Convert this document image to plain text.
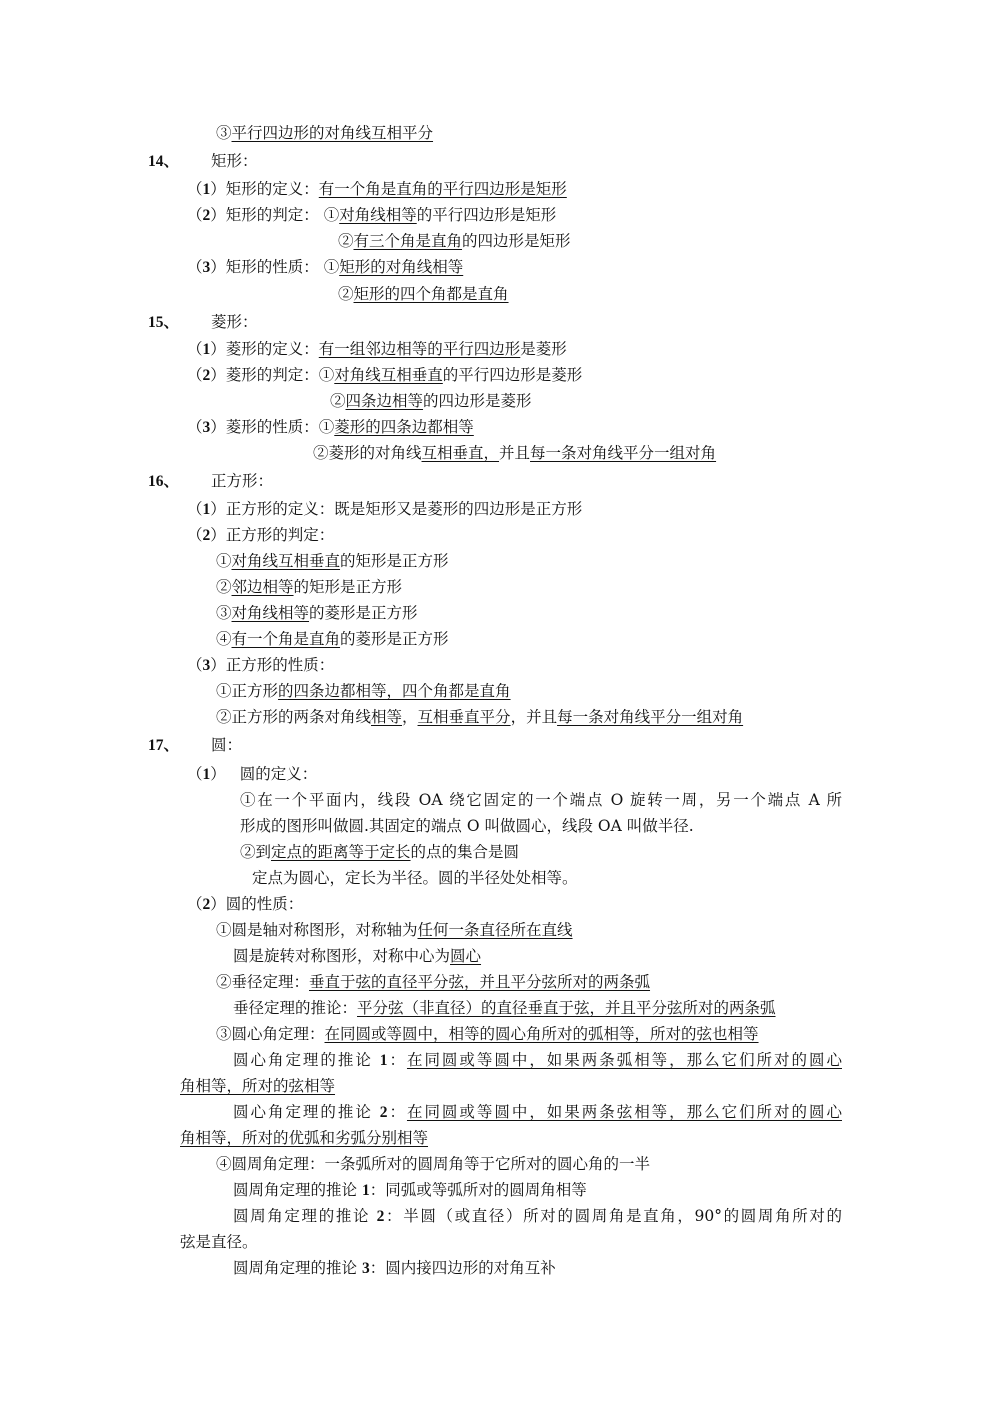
③平行四边形的对角线互相平分
14、 矩形：
（1）矩形的定义：有一个角是直角的平行四边形是矩形
（2）矩形的判定： ①对角线相等的平行四边形是矩形
②有三个角是直角的四边形是矩形
（3）矩形的性质： ①矩形的对角线相等
②矩形的四个角都是直角
15、 菱形：
（1）菱形的定义：有一组邻边相等的平行四边形是菱形
（2）菱形的判定：①对角线互相垂直的平行四边形是菱形
②四条边相等的四边形是菱形
（3）菱形的性质：①菱形的四条边都相等
②菱形的对角线互相垂直，并且每一条对角线平分一组对角
16、 正方形：
（1）正方形的定义：既是矩形又是菱形的四边形是正方形
（2）正方形的判定：
①对角线互相垂直的矩形是正方形
②邻边相等的矩形是正方形
③对角线相等的菱形是正方形
④有一个角是直角的菱形是正方形
（3）正方形的性质：
①正方形的四条边都相等，四个角都是直角
②正方形的两条对角线相等，互相垂直平分，并且每一条对角线平分一组对角
17、 圆：
（1） 圆的定义：
①在一个平面内，线段 OA 绕它固定的一个端点 O 旋转一周，另一个端点 A 所
形成的图形叫做圆.其固定的端点 O 叫做圆心，线段 OA 叫做半径.
②到定点的距离等于定长的点的集合是圆
定点为圆心，定长为半径。圆的半径处处相等。
（2）圆的性质：
①圆是轴对称图形，对称轴为任何一条直径所在直线
圆是旋转对称图形，对称中心为圆心
②垂径定理：垂直于弦的直径平分弦，并且平分弦所对的两条弧
垂径定理的推论：平分弦（非直径）的直径垂直于弦，并且平分弦所对的两条弧
③圆心角定理：在同圆或等圆中，相等的圆心角所对的弧相等，所对的弦也相等
圆心角定理的推论 1：在同圆或等圆中，如果两条弧相等，那么它们所对的圆心
角相等，所对的弦相等
圆心角定理的推论 2：在同圆或等圆中，如果两条弦相等，那么它们所对的圆心
角相等，所对的优弧和劣弧分别相等
④圆周角定理：一条弧所对的圆周角等于它所对的圆心角的一半
圆周角定理的推论 1：同弧或等弧所对的圆周角相等
圆周角定理的推论 2：半圆（或直径）所对的圆周角是直角，90°的圆周角所对的
弦是直径。
圆周角定理的推论 3：圆内接四边形的对角互补
